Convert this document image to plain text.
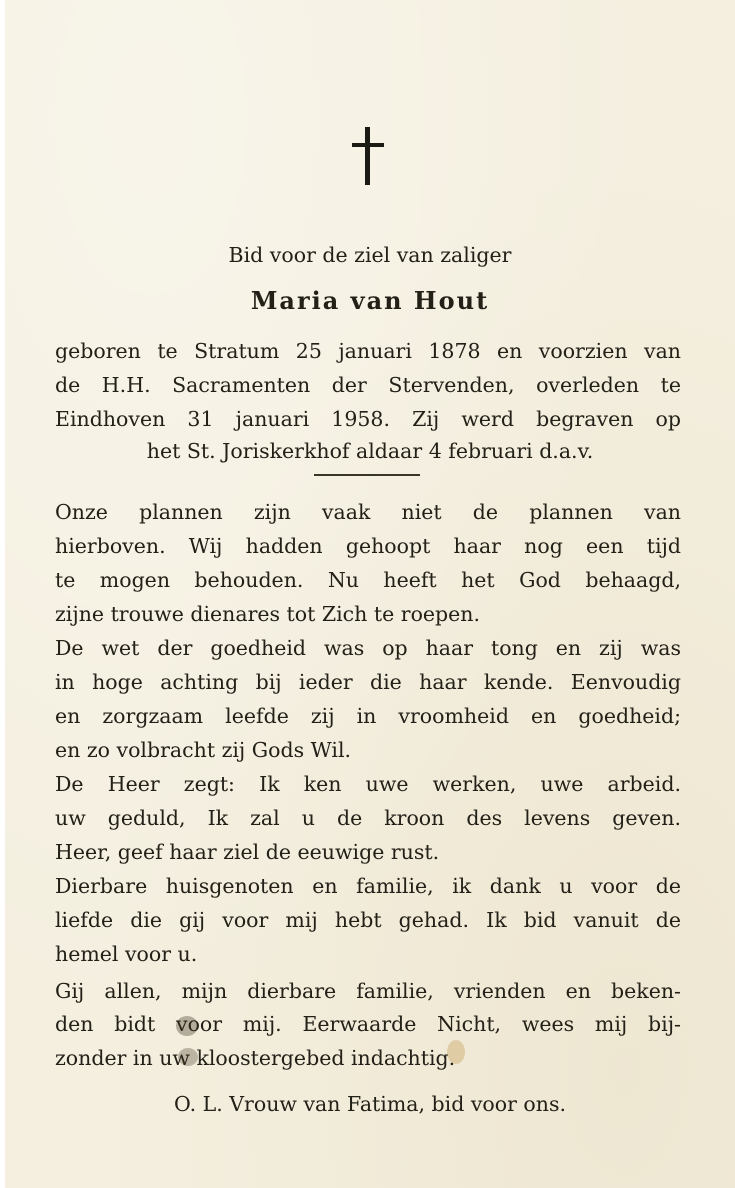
Bid voor de ziel van zaliger
Maria van Hout
geboren te Stratum 25 januari 1878 en voorzien van
de H.H. Sacramenten der Stervenden, overleden te
Eindhoven 31 januari 1958. Zij werd begraven op
het St. Joriskerkhof aldaar 4 februari d.a.v.
Onze plannen zijn vaak niet de plannen van
hierboven. Wij hadden gehoopt haar nog een tijd
te mogen behouden. Nu heeft het God behaagd,
zijne trouwe dienares tot Zich te roepen.
De wet der goedheid was op haar tong en zij was
in hoge achting bij ieder die haar kende. Eenvoudig
en zorgzaam leefde zij in vroomheid en goedheid;
en zo volbracht zij Gods Wil.
De Heer zegt: Ik ken uwe werken, uwe arbeid.
uw geduld, Ik zal u de kroon des levens geven.
Heer, geef haar ziel de eeuwige rust.
Dierbare huisgenoten en familie, ik dank u voor de
liefde die gij voor mij hebt gehad. Ik bid vanuit de
hemel voor u.
Gij allen, mijn dierbare familie, vrienden en beken-
den bidt voor mij. Eerwaarde Nicht, wees mij bij-
zonder in uw kloostergebed indachtig.
O. L. Vrouw van Fatima, bid voor ons.
